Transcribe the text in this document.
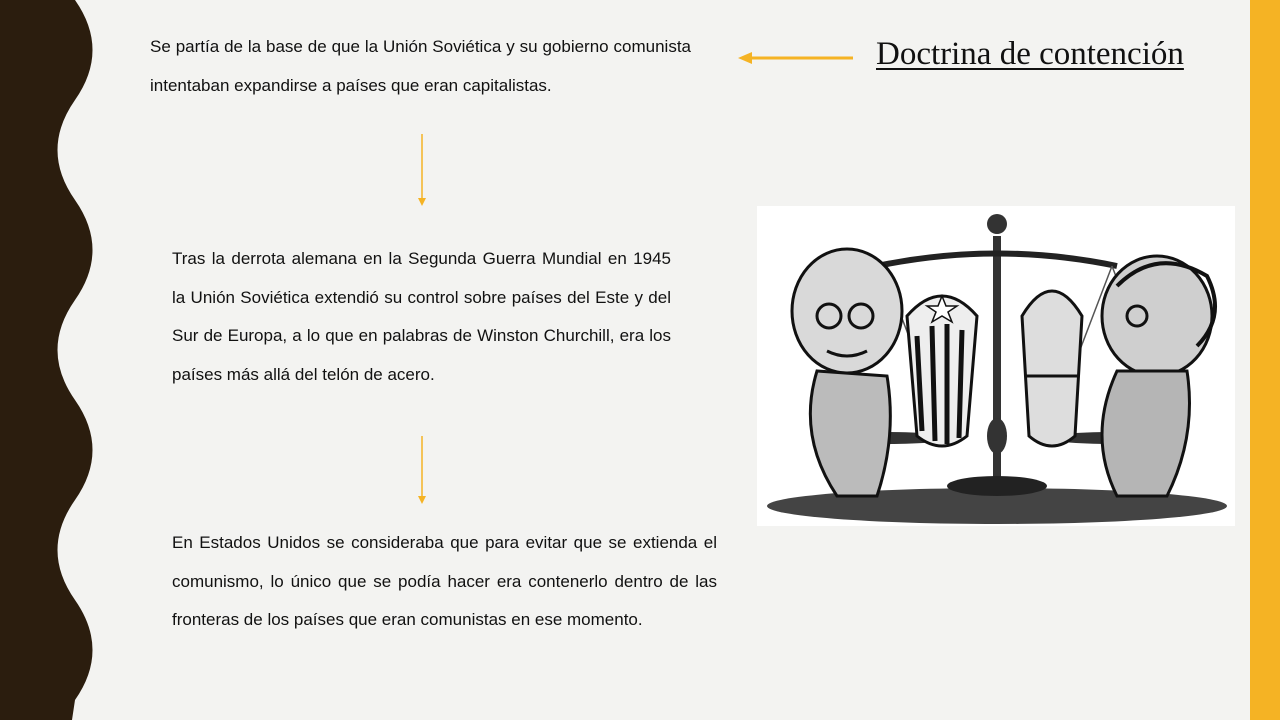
Doctrina de contención

Se partía de la base de que la Unión Soviética y su gobierno comunista intentaban expandirse a países que eran capitalistas.

Tras la derrota alemana en la Segunda Guerra Mundial en 1945 la Unión Soviética extendió su control sobre países del Este y del Sur de Europa, a lo que en palabras de Winston Churchill, era los países más allá del telón de acero.

En Estados Unidos se consideraba que para evitar que se extienda el comunismo, lo único que se podía hacer era contenerlo dentro de las fronteras de los países que eran comunistas en ese momento.
